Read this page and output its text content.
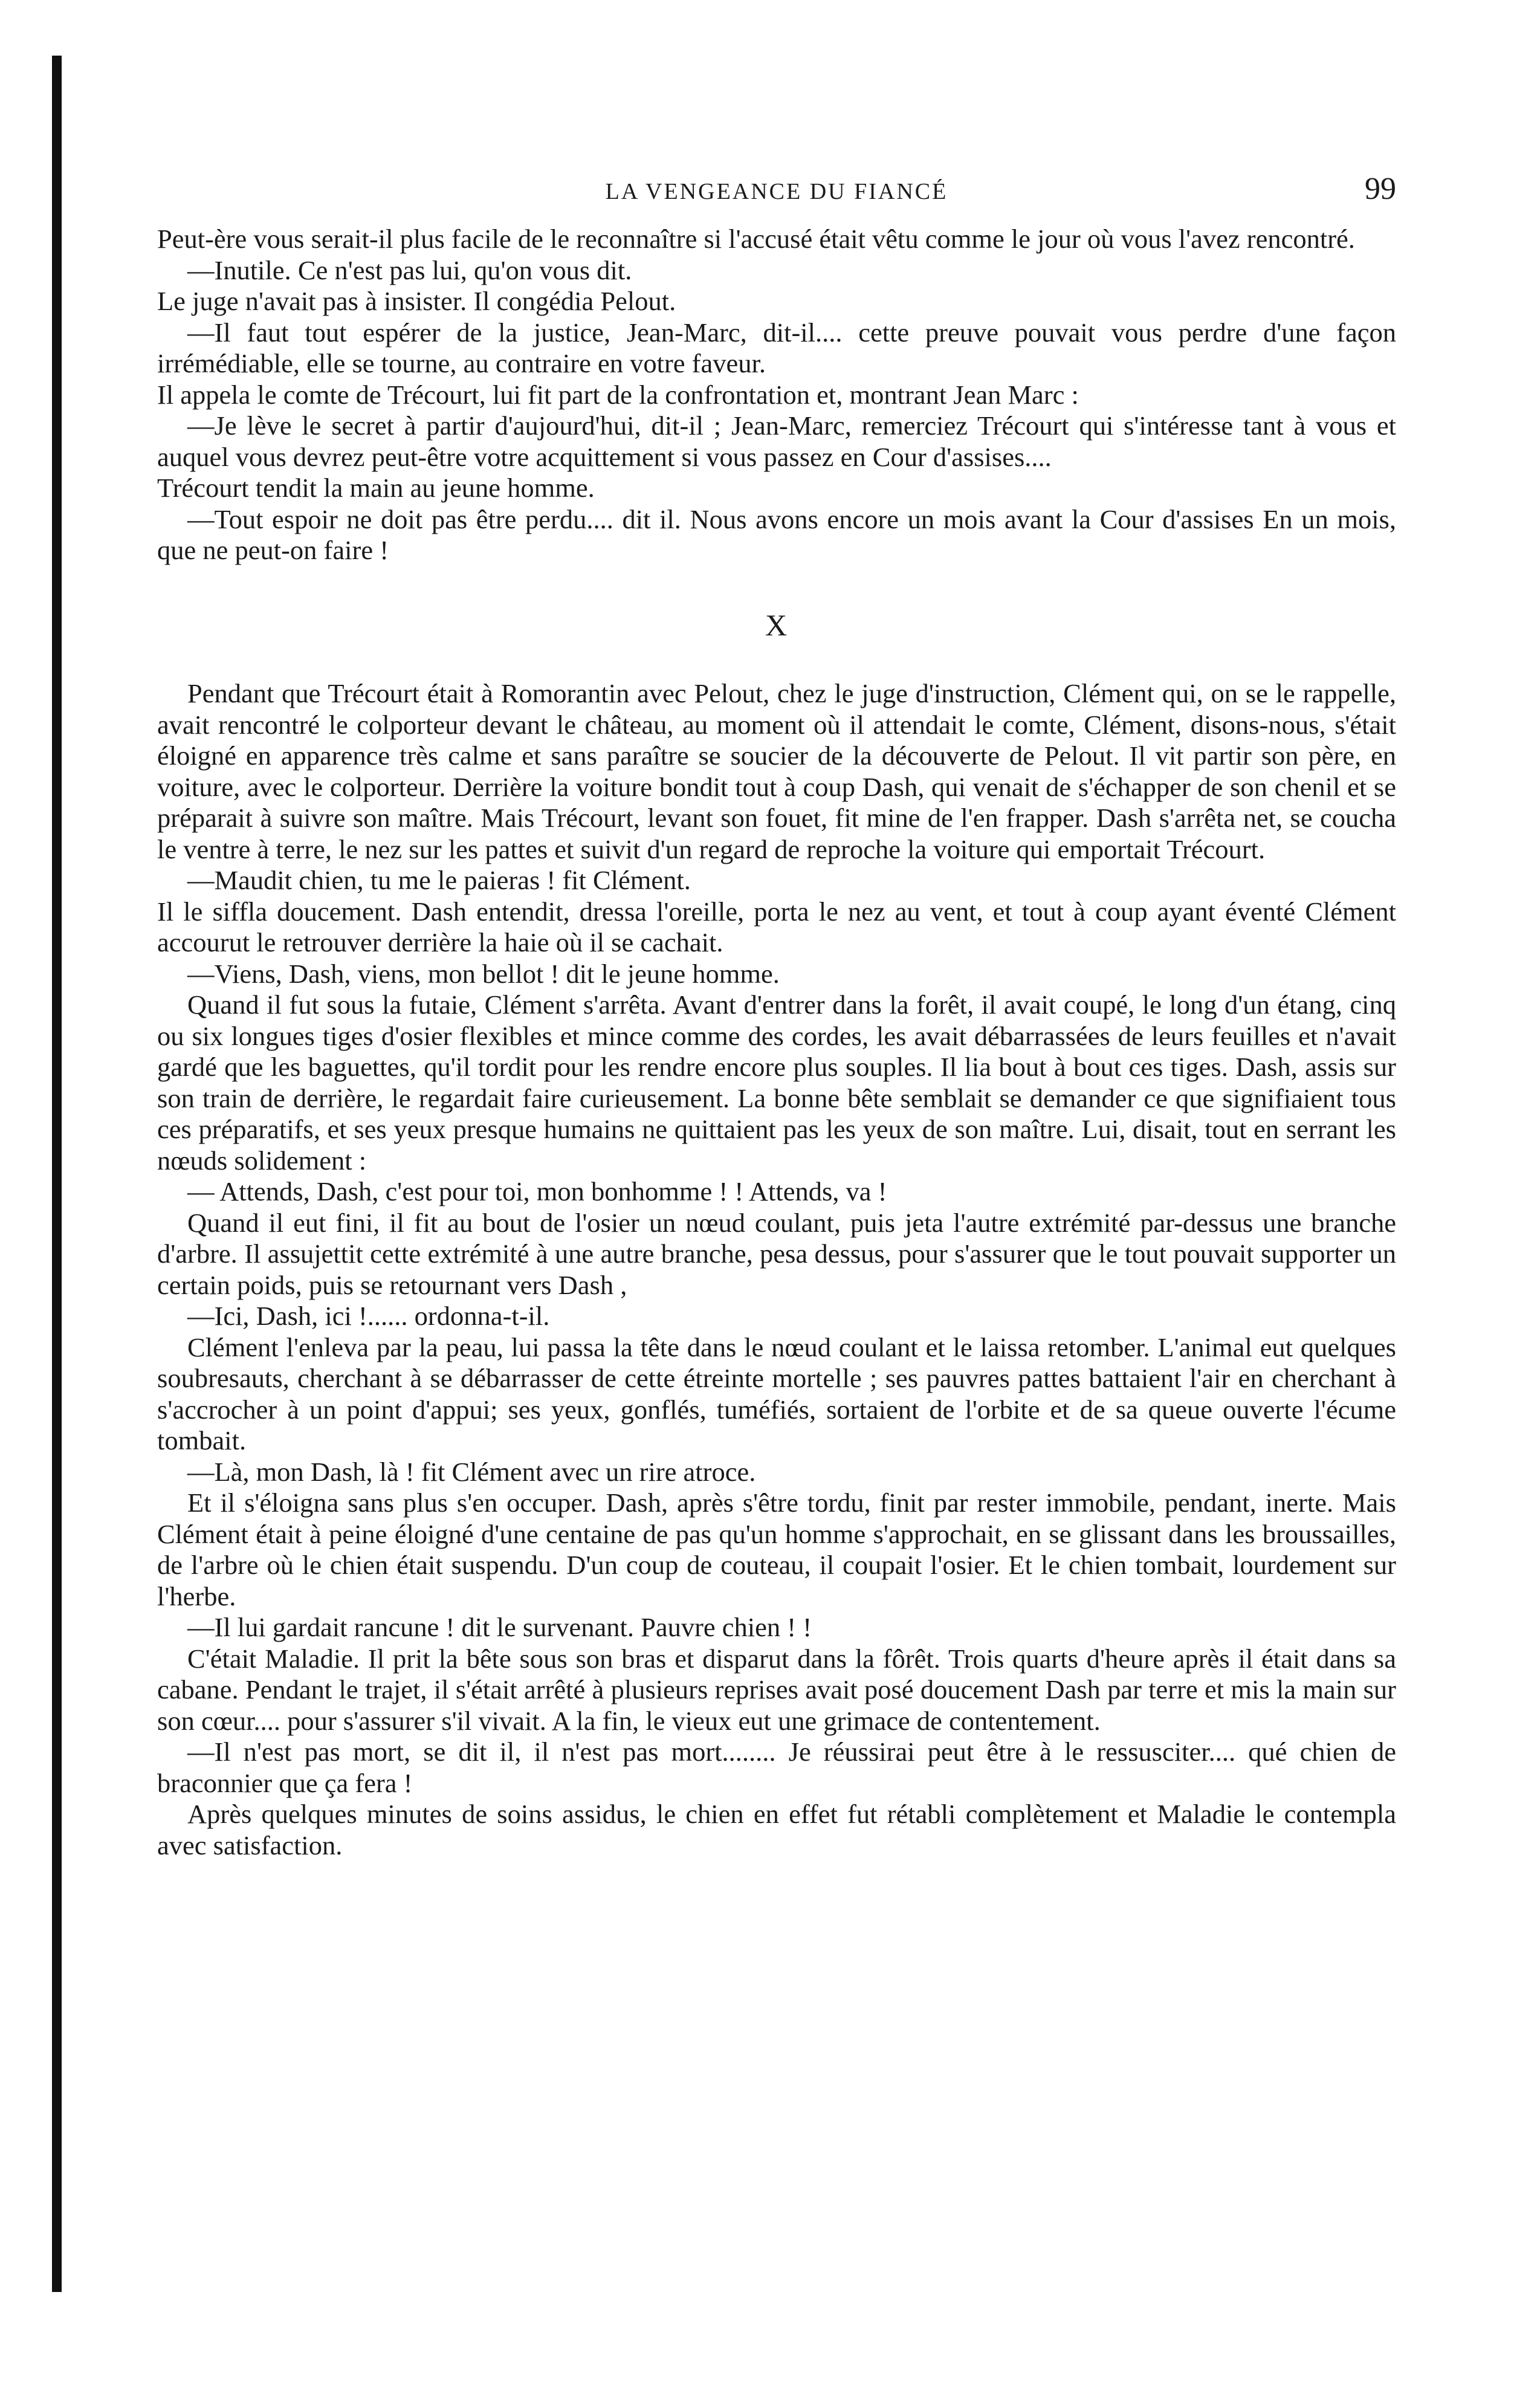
LA VENGEANCE DU FIANCÉ	99

Peut-ère vous serait-il plus facile de le reconnaître si l'accusé était vêtu comme le jour où vous l'avez rencontré.

—Inutile. Ce n'est pas lui, qu'on vous dit.

Le juge n'avait pas à insister. Il congédia Pelout.

—Il faut tout espérer de la justice, Jean-Marc, dit-il.... cette preuve pouvait vous perdre d'une façon irrémédiable, elle se tourne, au contraire en votre faveur.

Il appela le comte de Trécourt, lui fit part de la confrontation et, montrant Jean Marc :

—Je lève le secret à partir d'aujourd'hui, dit-il ; Jean-Marc, remerciez Trécourt qui s'intéresse tant à vous et auquel vous devrez peut-être votre acquittement si vous passez en Cour d'assises....

Trécourt tendit la main au jeune homme.

—Tout espoir ne doit pas être perdu.... dit il. Nous avons encore un mois avant la Cour d'assises En un mois, que ne peut-on faire !

X

Pendant que Trécourt était à Romorantin avec Pelout, chez le juge d'instruction, Clément qui, on se le rappelle, avait rencontré le colporteur devant le château, au moment où il attendait le comte, Clément, disons-nous, s'était éloigné en apparence très calme et sans paraître se soucier de la découverte de Pelout. Il vit partir son père, en voiture, avec le colporteur. Derrière la voiture bondit tout à coup Dash, qui venait de s'échapper de son chenil et se préparait à suivre son maître. Mais Trécourt, levant son fouet, fit mine de l'en frapper. Dash s'arrêta net, se coucha le ventre à terre, le nez sur les pattes et suivit d'un regard de reproche la voiture qui emportait Trécourt.

—Maudit chien, tu me le paieras ! fit Clément.

Il le siffla doucement. Dash entendit, dressa l'oreille, porta le nez au vent, et tout à coup ayant éventé Clément accourut le retrouver derrière la haie où il se cachait.

—Viens, Dash, viens, mon bellot ! dit le jeune homme.

Quand il fut sous la futaie, Clément s'arrêta. Avant d'entrer dans la forêt, il avait coupé, le long d'un étang, cinq ou six longues tiges d'osier flexibles et mince comme des cordes, les avait débarrassées de leurs feuilles et n'avait gardé que les baguettes, qu'il tordit pour les rendre encore plus souples. Il lia bout à bout ces tiges. Dash, assis sur son train de derrière, le regardait faire curieusement. La bonne bête semblait se demander ce que signifiaient tous ces préparatifs, et ses yeux presque humains ne quittaient pas les yeux de son maître. Lui, disait, tout en serrant les nœuds solidement :

— Attends, Dash, c'est pour toi, mon bonhomme ! ! Attends, va !

Quand il eut fini, il fit au bout de l'osier un nœud coulant, puis jeta l'autre extrémité par-dessus une branche d'arbre. Il assujettit cette extrémité à une autre branche, pesa dessus, pour s'assurer que le tout pouvait supporter un certain poids, puis se retournant vers Dash ,

—Ici, Dash, ici !...... ordonna-t-il.

Clément l'enleva par la peau, lui passa la tête dans le nœud coulant et le laissa retomber. L'animal eut quelques soubresauts, cherchant à se débarrasser de cette étreinte mortelle ; ses pauvres pattes battaient l'air en cherchant à s'accrocher à un point d'appui; ses yeux, gonflés, tuméfiés, sortaient de l'orbite et de sa queue ouverte l'écume tombait.

—Là, mon Dash, là ! fit Clément avec un rire atroce.

Et il s'éloigna sans plus s'en occuper. Dash, après s'être tordu, finit par rester immobile, pendant, inerte. Mais Clément était à peine éloigné d'une centaine de pas qu'un homme s'approchait, en se glissant dans les broussailles, de l'arbre où le chien était suspendu. D'un coup de couteau, il coupait l'osier. Et le chien tombait, lourdement sur l'herbe.

—Il lui gardait rancune ! dit le survenant. Pauvre chien ! !

C'était Maladie. Il prit la bête sous son bras et disparut dans la fôrêt. Trois quarts d'heure après il était dans sa cabane. Pendant le trajet, il s'était arrêté à plusieurs reprises avait posé doucement Dash par terre et mis la main sur son cœur.... pour s'assurer s'il vivait. A la fin, le vieux eut une grimace de contentement.

—Il n'est pas mort, se dit il, il n'est pas mort........ Je réussirai peut être à le ressusciter.... qué chien de braconnier que ça fera !

Après quelques minutes de soins assidus, le chien en effet fut rétabli complètement et Maladie le contempla avec satisfaction.
